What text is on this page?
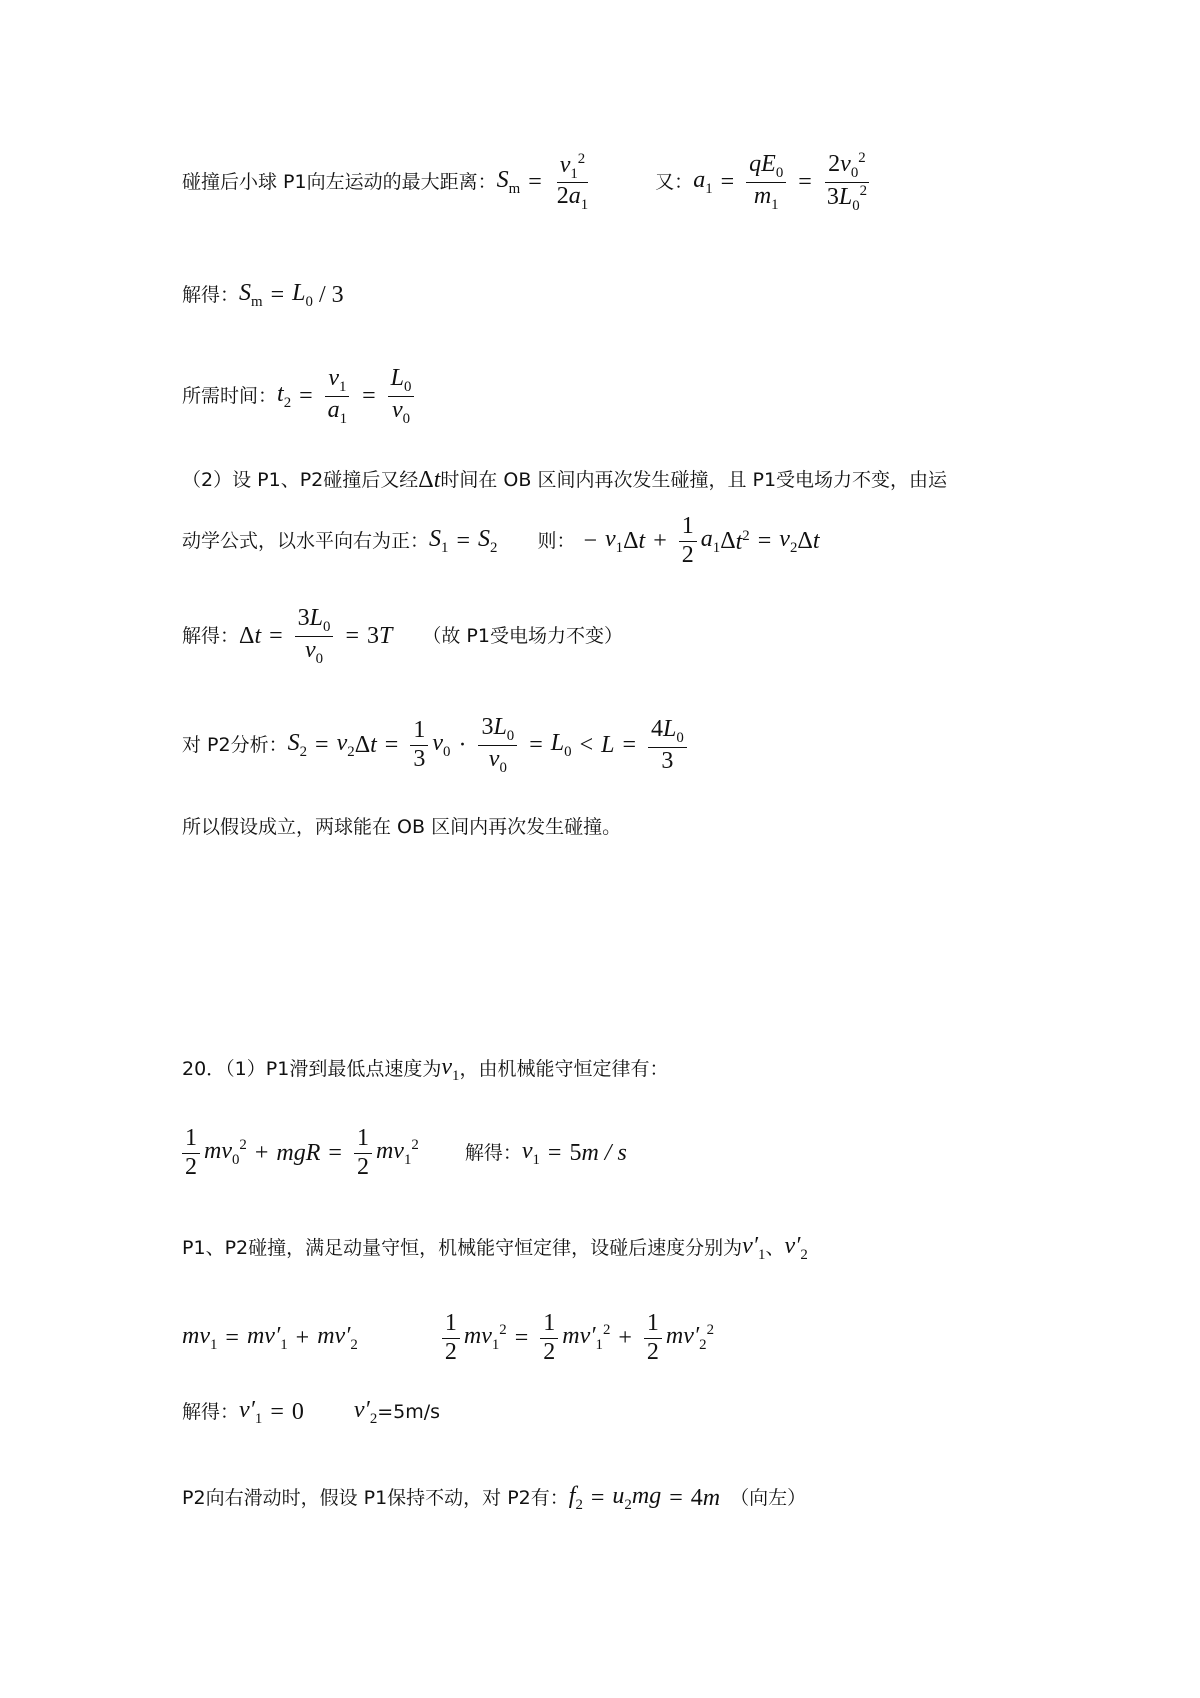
碰撞后小球 P 1 向左运动的最大距离： $S_m = \frac{v_1^2}{2a_1}$	又： $a_1 = \frac{qE_0}{m_1} = \frac{2v_0^2}{3L_0^2}$
解得： $S_m = L_0 / 3$
所需时间： $t_2 = \frac{v_1}{a_1} = \frac{L_0}{v_0}$
（2）设 P 1 、P 2 碰撞后又经 Δ t 时间在 OB 区间内再次发生碰撞，且 P 1 受电场力不变，由运
动学公式，以水平向右为正： $S_1 = S_2$ 则： − $v_1$ Δ $t + \frac{1}{2} a_1$ Δ $t^2 = v_2$ Δ t
解得： Δ $t = \frac{3L_0}{v_0} = 3$ T （故 P 1 受电场力不变）
对 P 2 分析： $S_2 = v_2$ Δ $t = \frac{1}{3} v_0 \cdot \frac{3L_0}{v_0} = L_0 < L = \frac{4L_0}{3}$
所以假设成立，两球能在 OB 区间内再次发生碰撞。
20．（1）P 1 滑到最低点速度为 $v_1$ ，由机械能守恒定律有：
$\frac{1}{2} mv_0^2$ + mgR = $\frac{1}{2} mv_1^2$ 解得： $v_1 = 5$ m / s
P 1 、P 2 碰撞，满足动量守恒，机械能守恒定律，设碰后速度分别为 $v'_1$ 、 $v'_2$
$mv_1 = mv'_1 + mv'_2$	$\frac{1}{2} mv_1^2 = \frac{1}{2} mv'_1^2 + \frac{1}{2} mv'_2^2$
解得： $v'_1 = 0$ $v'_2 =5m/s$
P 2 向右滑动时，假设 P 1 保持不动，对 P 2 有： $f_2 = u_2mg = 4$ m （向左）
